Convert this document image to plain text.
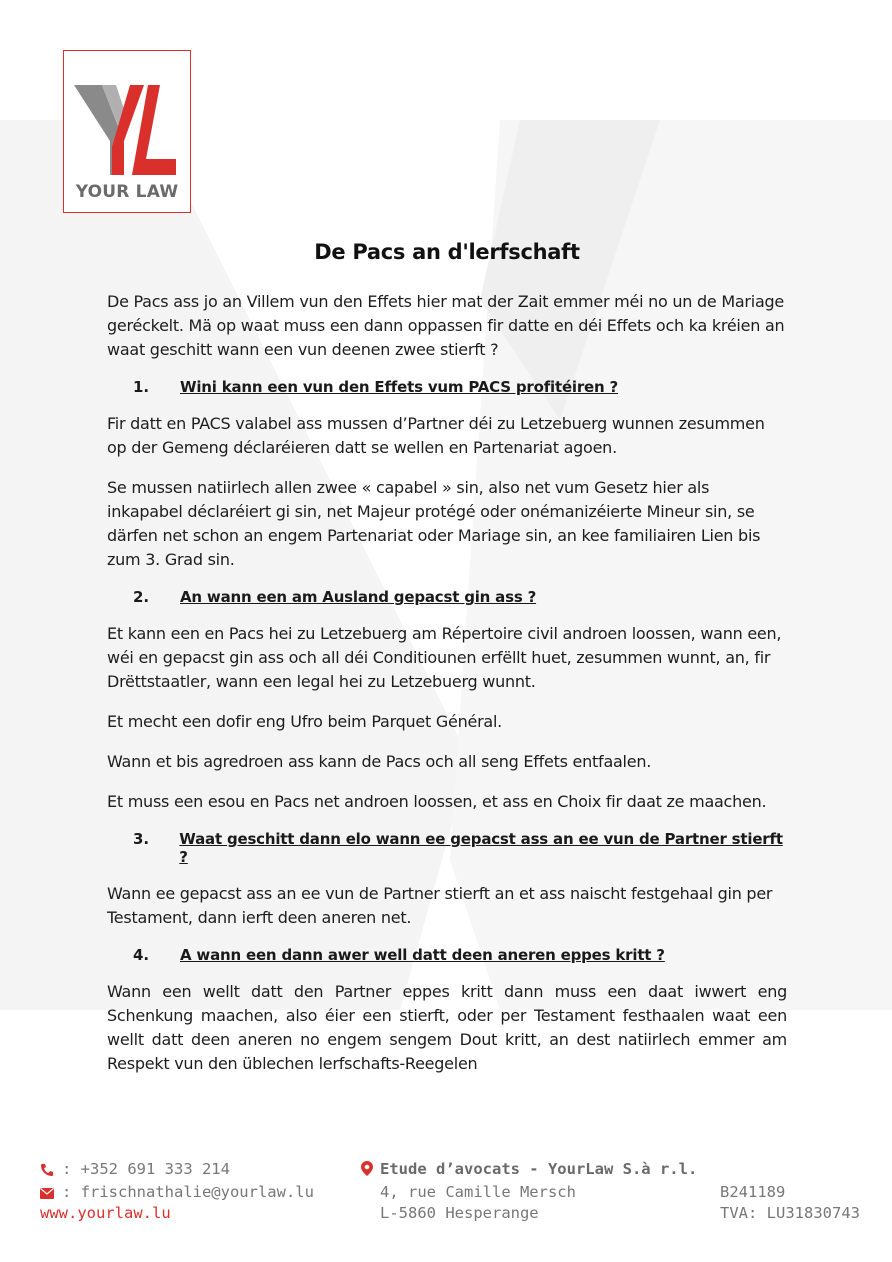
YOUR LAW
De Pacs an d'lerfschaft

De Pacs ass jo an Villem vun den Effets hier mat der Zait emmer méi no un de Mariage geréckelt. Mä op waat muss een dann oppassen fir datte en déi Effets och ka kréien an waat geschitt wann een vun deenen zwee stierft ?

1.	Wini kann een vun den Effets vum PACS profitéiren ?

Fir datt en PACS valabel ass mussen d’Partner déi zu Letzebuerg wunnen zesummen op der Gemeng déclaréieren datt se wellen en Partenariat agoen.

Se mussen natiirlech allen zwee « capabel » sin, also net vum Gesetz hier als inkapabel déclaréiert gi sin, net Majeur protégé oder onémanizéierte Mineur sin, se därfen net schon an engem Partenariat oder Mariage sin, an kee familiairen Lien bis zum 3. Grad sin.

2.	An wann een am Ausland gepacst gin ass ?

Et kann een en Pacs hei zu Letzebuerg am Répertoire civil androen loossen, wann een, wéi en gepacst gin ass och all déi Conditiounen erfëllt huet, zesummen wunnt, an, fir Drëttstaatler, wann een legal hei zu Letzebuerg wunnt.

Et mecht een dofir eng Ufro beim Parquet Général.

Wann et bis agredroen ass kann de Pacs och all seng Effets entfaalen.

Et muss een esou en Pacs net androen loossen, et ass en Choix fir daat ze maachen.

3.	Waat geschitt dann elo wann ee gepacst ass an ee vun de Partner stierft ?

Wann ee gepacst ass an ee vun de Partner stierft an et ass naischt festgehaal gin per Testament, dann ierft deen aneren net.

4.	A wann een dann awer well datt deen aneren eppes kritt ?

Wann een wellt datt den Partner eppes kritt dann muss een daat iwwert eng Schenkung maachen, also éier een stierft, oder per Testament festhaalen waat een wellt datt deen aneren no engem sengem Dout kritt, an dest natiirlech emmer am Respekt vun den üblechen lerfschafts-Reegelen

: +352 691 333 214
: frischnathalie@yourlaw.lu
www.yourlaw.lu
Etude d’avocats - YourLaw S.à r.l.
4, rue Camille Mersch
L-5860 Hesperange
B241189
TVA: LU31830743
